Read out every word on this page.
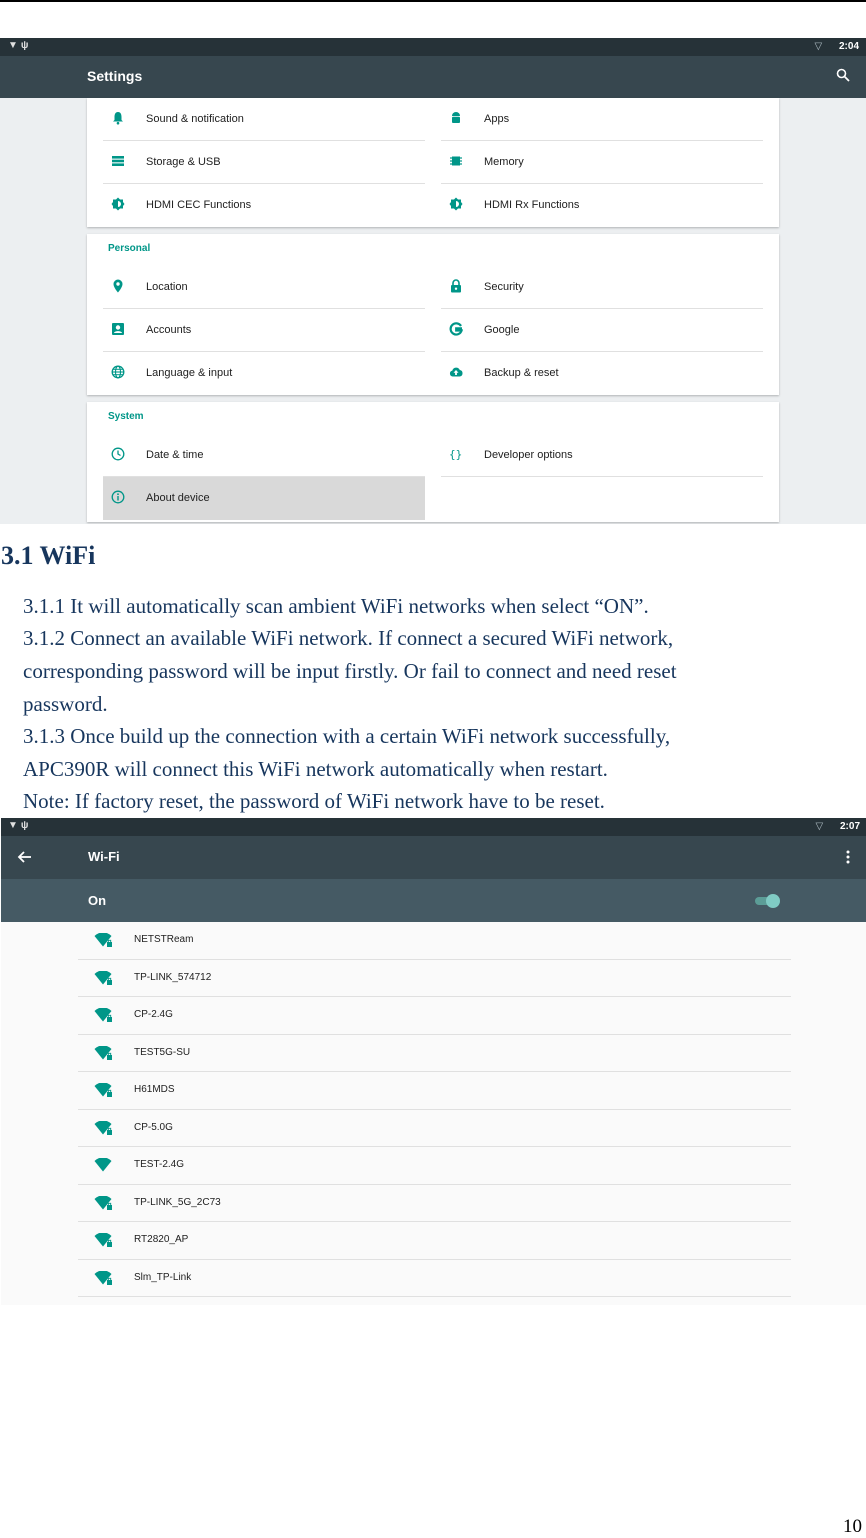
▼ψ	▽ 2:04
Settings
Sound & notification	Apps
Storage & USB	Memory
HDMI CEC Functions	HDMI Rx Functions
Personal
Location	Security
Accounts	Google
Language & input	Backup & reset
System
Date & time	{} Developer options
About device
3.1 WiFi
3.1.1 It will automatically scan ambient WiFi networks when select “ON”.
3.1.2 Connect an available WiFi network. If connect a secured WiFi network,
corresponding password will be input firstly. Or fail to connect and need reset
password.
3.1.3 Once build up the connection with a certain WiFi network successfully,
APC390R will connect this WiFi network automatically when restart.
Note: If factory reset, the password of WiFi network have to be reset.
▼ψ	▽ 2:07
Wi-Fi
On
NETSTReam
TP-LINK_574712
CP-2.4G
TEST5G-SU
H61MDS
CP-5.0G
TEST-2.4G
TP-LINK_5G_2C73
RT2820_AP
Slm_TP-Link
10
